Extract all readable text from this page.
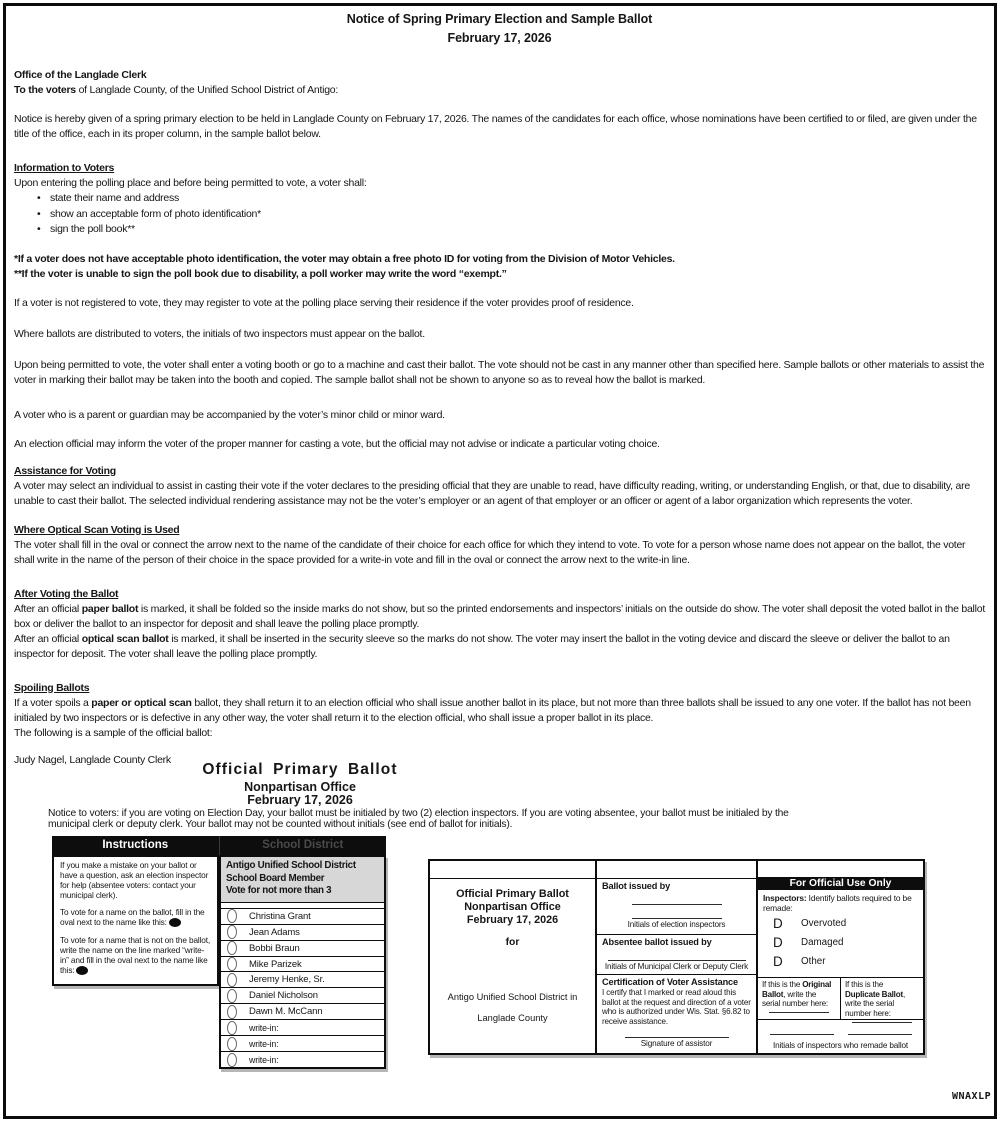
Notice of Spring Primary Election and Sample Ballot
February 17, 2026

Office of the Langlade Clerk

To the voters of Langlade County, of the Unified School District of Antigo:

Notice is hereby given of a spring primary election to be held in Langlade County on February 17, 2026. The names of the candidates for each office, whose nominations have been certified to or filed, are given under the title of the office, each in its proper column, in the sample ballot below.

Information to Voters

Upon entering the polling place and before being permitted to vote, a voter shall:

• state their name and address
• show an acceptable form of photo identification*
• sign the poll book**

*If a voter does not have acceptable photo identification, the voter may obtain a free photo ID for voting from the Division of Motor Vehicles.

**If the voter is unable to sign the poll book due to disability, a poll worker may write the word “exempt.”

If a voter is not registered to vote, they may register to vote at the polling place serving their residence if the voter provides proof of residence.

Where ballots are distributed to voters, the initials of two inspectors must appear on the ballot.

Upon being permitted to vote, the voter shall enter a voting booth or go to a machine and cast their ballot. The vote should not be cast in any manner other than specified here. Sample ballots or other materials to assist the voter in marking their ballot may be taken into the booth and copied. The sample ballot shall not be shown to anyone so as to reveal how the ballot is marked.

A voter who is a parent or guardian may be accompanied by the voter’s minor child or minor ward.

An election official may inform the voter of the proper manner for casting a vote, but the official may not advise or indicate a particular voting choice.

Assistance for Voting

A voter may select an individual to assist in casting their vote if the voter declares to the presiding official that they are unable to read, have difficulty reading, writing, or understanding English, or that, due to disability, are unable to cast their ballot. The selected individual rendering assistance may not be the voter’s employer or an agent of that employer or an officer or agent of a labor organization which represents the voter.

Where Optical Scan Voting is Used

The voter shall fill in the oval or connect the arrow next to the name of the candidate of their choice for each office for which they intend to vote. To vote for a person whose name does not appear on the ballot, the voter shall write in the name of the person of their choice in the space provided for a write-in vote and fill in the oval or connect the arrow next to the write-in line.

After Voting the Ballot

After an official paper ballot is marked, it shall be folded so the inside marks do not show, but so the printed endorsements and inspectors’ initials on the outside do show. The voter shall deposit the voted ballot in the ballot box or deliver the ballot to an inspector for deposit and shall leave the polling place promptly.

After an official optical scan ballot is marked, it shall be inserted in the security sleeve so the marks do not show. The voter may insert the ballot in the voting device and discard the sleeve or deliver the ballot to an inspector for deposit. The voter shall leave the polling place promptly.

Spoiling Ballots

If a voter spoils a paper or optical scan ballot, they shall return it to an election official who shall issue another ballot in its place, but not more than three ballots shall be issued to any one voter. If the ballot has not been initialed by two inspectors or is defective in any other way, the voter shall return it to the election official, who shall issue a proper ballot in its place.

The following is a sample of the official ballot:

Judy Nagel, Langlade County Clerk

Official Primary Ballot
Nonpartisan Office
February 17, 2026
Notice to voters: if you are voting on Election Day, your ballot must be initialed by two (2) election inspectors. If you are voting absentee, your ballot must be initialed by the municipal clerk or deputy clerk. Your ballot may not be counted without initials (see end of ballot for initials).
Instructions	School District

If you make a mistake on your ballot or have a question, ask an election inspector for help (absentee voters: contact your municipal clerk).

To vote for a name on the ballot, fill in the oval next to the name like this:

To vote for a name that is not on the ballot, write the name on the line marked “write-in” and fill in the oval next to the name like this:

Antigo Unified School District
School Board Member
Vote for not more than 3
Christina Grant
Jean Adams
Bobbi Braun
Mike Parizek
Jeremy Henke, Sr.
Daniel Nicholson
Dawn M. McCann
write-in:
write-in:
write-in:
Official Primary Ballot
Nonpartisan Office
February 17, 2026
for
Antigo Unified School District in
Langlade County
Ballot issued by
Initials of election inspectors
Absentee ballot issued by
Initials of Municipal Clerk or Deputy Clerk
Certification of Voter Assistance
I certify that I marked or read aloud this ballot at the request and direction of a voter who is authorized under Wis. Stat. §6.82 to receive assistance.
Signature of assistor
For Official Use Only
Inspectors: Identify ballots required to be remade:
D	Overvoted
D	Damaged
D	Other
If this is the Original Ballot, write the serial number here:
If this is the Duplicate Ballot, write the serial number here:
Initials of inspectors who remade ballot
WNAXLP
